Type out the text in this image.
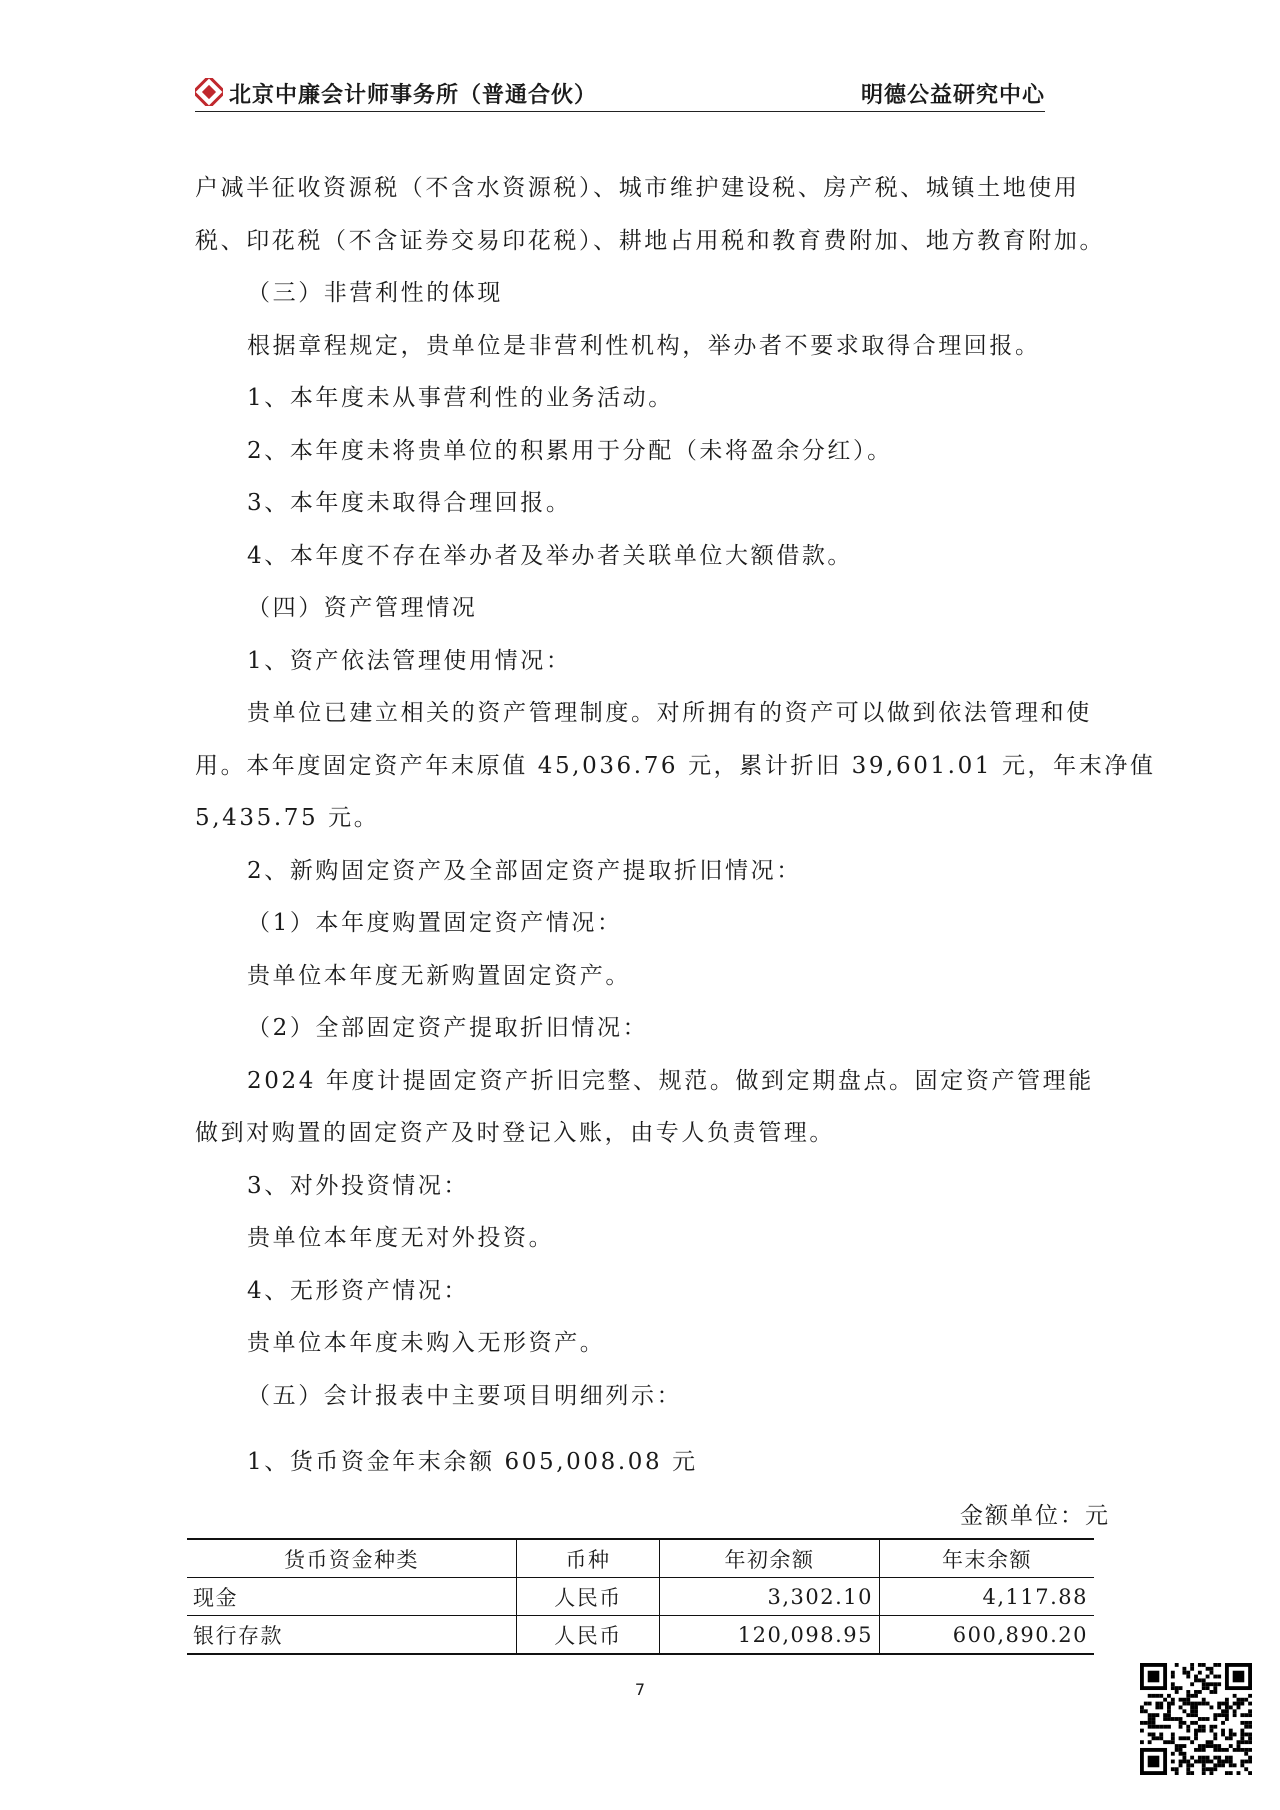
北京中廉会计师事务所（普通合伙）	明德公益研究中心

户减半征收资源税（不含水资源税）、城市维护建设税、房产税、城镇土地使用

税、印花税（不含证券交易印花税）、耕地占用税和教育费附加、地方教育附加。

（三）非营利性的体现

根据章程规定，贵单位是非营利性机构，举办者不要求取得合理回报。

1、本年度未从事营利性的业务活动。

2、本年度未将贵单位的积累用于分配（未将盈余分红）。

3、本年度未取得合理回报。

4、本年度不存在举办者及举办者关联单位大额借款。

（四）资产管理情况

1、资产依法管理使用情况：

贵单位已建立相关的资产管理制度。对所拥有的资产可以做到依法管理和使

用。本年度固定资产年末原值 45,036.76 元，累计折旧 39,601.01 元，年末净值

5,435.75 元。

2、新购固定资产及全部固定资产提取折旧情况：

（1）本年度购置固定资产情况：

贵单位本年度无新购置固定资产。

（2）全部固定资产提取折旧情况：

2024 年度计提固定资产折旧完整、规范。做到定期盘点。固定资产管理能

做到对购置的固定资产及时登记入账，由专人负责管理。

3、对外投资情况：

贵单位本年度无对外投资。

4、无形资产情况：

贵单位本年度未购入无形资产。

（五）会计报表中主要项目明细列示：

1、货币资金年末余额 605,008.08 元

金额单位：元
货币资金种类	币种	年初余额	年末余额
现金	人民币	3,302.10	4,117.88
银行存款	人民币	120,098.95	600,890.20
7
